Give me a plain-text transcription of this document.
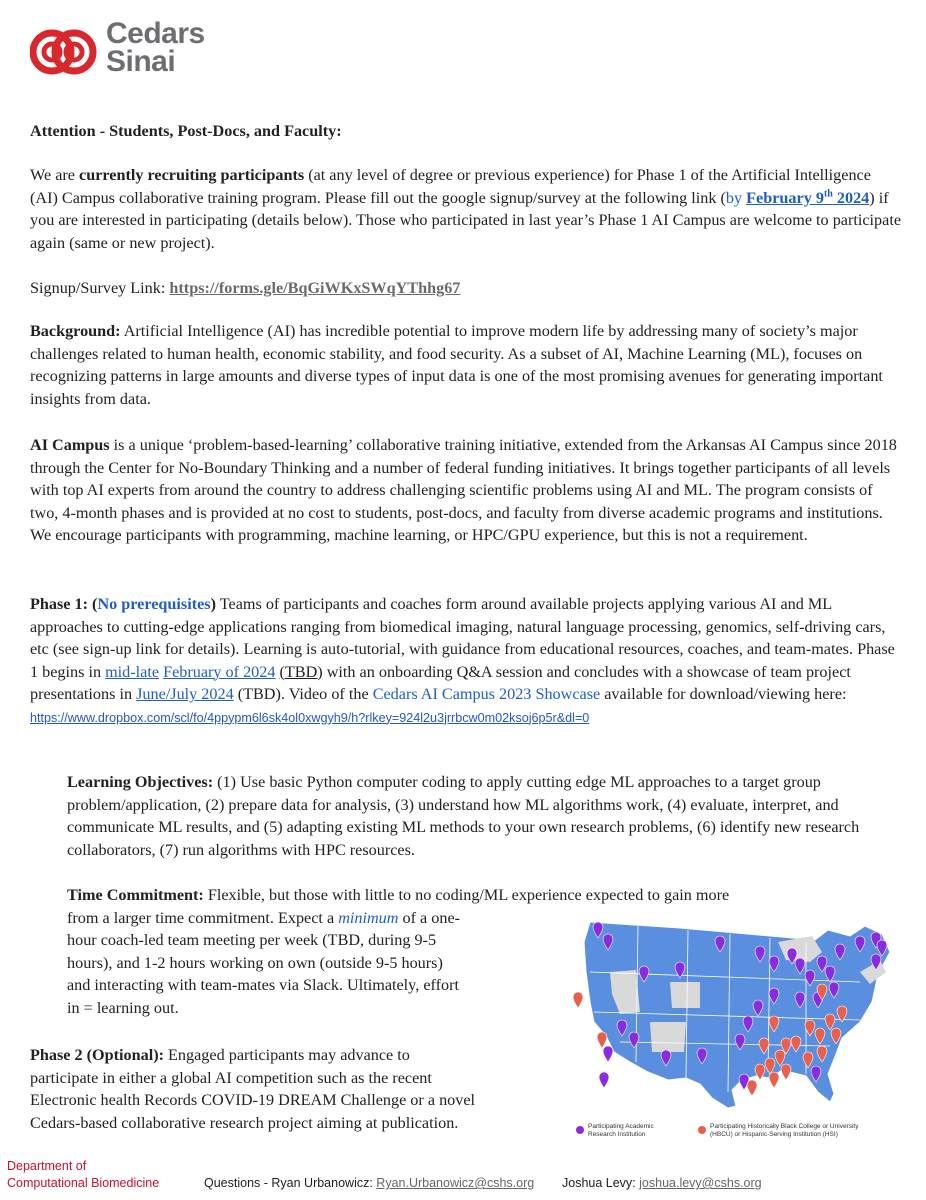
Cedars
Sinai

Attention - Students, Post-Docs, and Faculty:

We are currently recruiting participants (at any level of degree or previous experience) for Phase 1 of the Artificial Intelligence (AI) Campus collaborative training program. Please fill out the google signup/survey at the following link (by February 9th 2024) if you are interested in participating (details below). Those who participated in last year’s Phase 1 AI Campus are welcome to participate again (same or new project).

Signup/Survey Link: https://forms.gle/BqGiWKxSWqYThhg67

Background: Artificial Intelligence (AI) has incredible potential to improve modern life by addressing many of society’s major challenges related to human health, economic stability, and food security. As a subset of AI, Machine Learning (ML), focuses on recognizing patterns in large amounts and diverse types of input data is one of the most promising avenues for generating important insights from data.

AI Campus is a unique ‘problem-based-learning’ collaborative training initiative, extended from the Arkansas AI Campus since 2018 through the Center for No-Boundary Thinking and a number of federal funding initiatives. It brings together participants of all levels with top AI experts from around the country to address challenging scientific problems using AI and ML. The program consists of two, 4-month phases and is provided at no cost to students, post-docs, and faculty from diverse academic programs and institutions. We encourage participants with programming, machine learning, or HPC/GPU experience, but this is not a requirement.

Phase 1: (No prerequisites) Teams of participants and coaches form around available projects applying various AI and ML approaches to cutting-edge applications ranging from biomedical imaging, natural language processing, genomics, self-driving cars, etc (see sign-up link for details). Learning is auto-tutorial, with guidance from educational resources, coaches, and team-mates. Phase 1 begins in mid-late February of 2024 (TBD) with an onboarding Q&A session and concludes with a showcase of team project presentations in June/July 2024 (TBD). Video of the Cedars AI Campus 2023 Showcase available for download/viewing here:
https://www.dropbox.com/scl/fo/4ppypm6l6sk4ol0xwgyh9/h?rlkey=924l2u3jrrbcw0m02ksoj6p5r&dl=0

Learning Objectives: (1) Use basic Python computer coding to apply cutting edge ML approaches to a target group problem/application, (2) prepare data for analysis, (3) understand how ML algorithms work, (4) evaluate, interpret, and communicate ML results, and (5) adapting existing ML methods to your own research problems, (6) identify new research collaborators, (7) run algorithms with HPC resources.

Time Commitment: Flexible, but those with little to no coding/ML experience expected to gain more
from a larger time commitment. Expect a minimum of a one-
hour coach-led team meeting per week (TBD, during 9-5
hours), and 1-2 hours working on own (outside 9-5 hours)
and interacting with team-mates via Slack. Ultimately, effort
in = learning out.

Phase 2 (Optional): Engaged participants may advance to
participate in either a global AI competition such as the recent
Electronic health Records COVID-19 DREAM Challenge or a novel
Cedars-based collaborative research project aiming at publication.	Participating Academic
Research Institution
Participating Historically Black College or University
(HBCU) or Hispanic-Serving Institution (HSI)
Department of
Computational Biomedicine	Questions - Ryan Urbanowicz: Ryan.Urbanowicz@cshs.org Joshua Levy: joshua.levy@cshs.org
